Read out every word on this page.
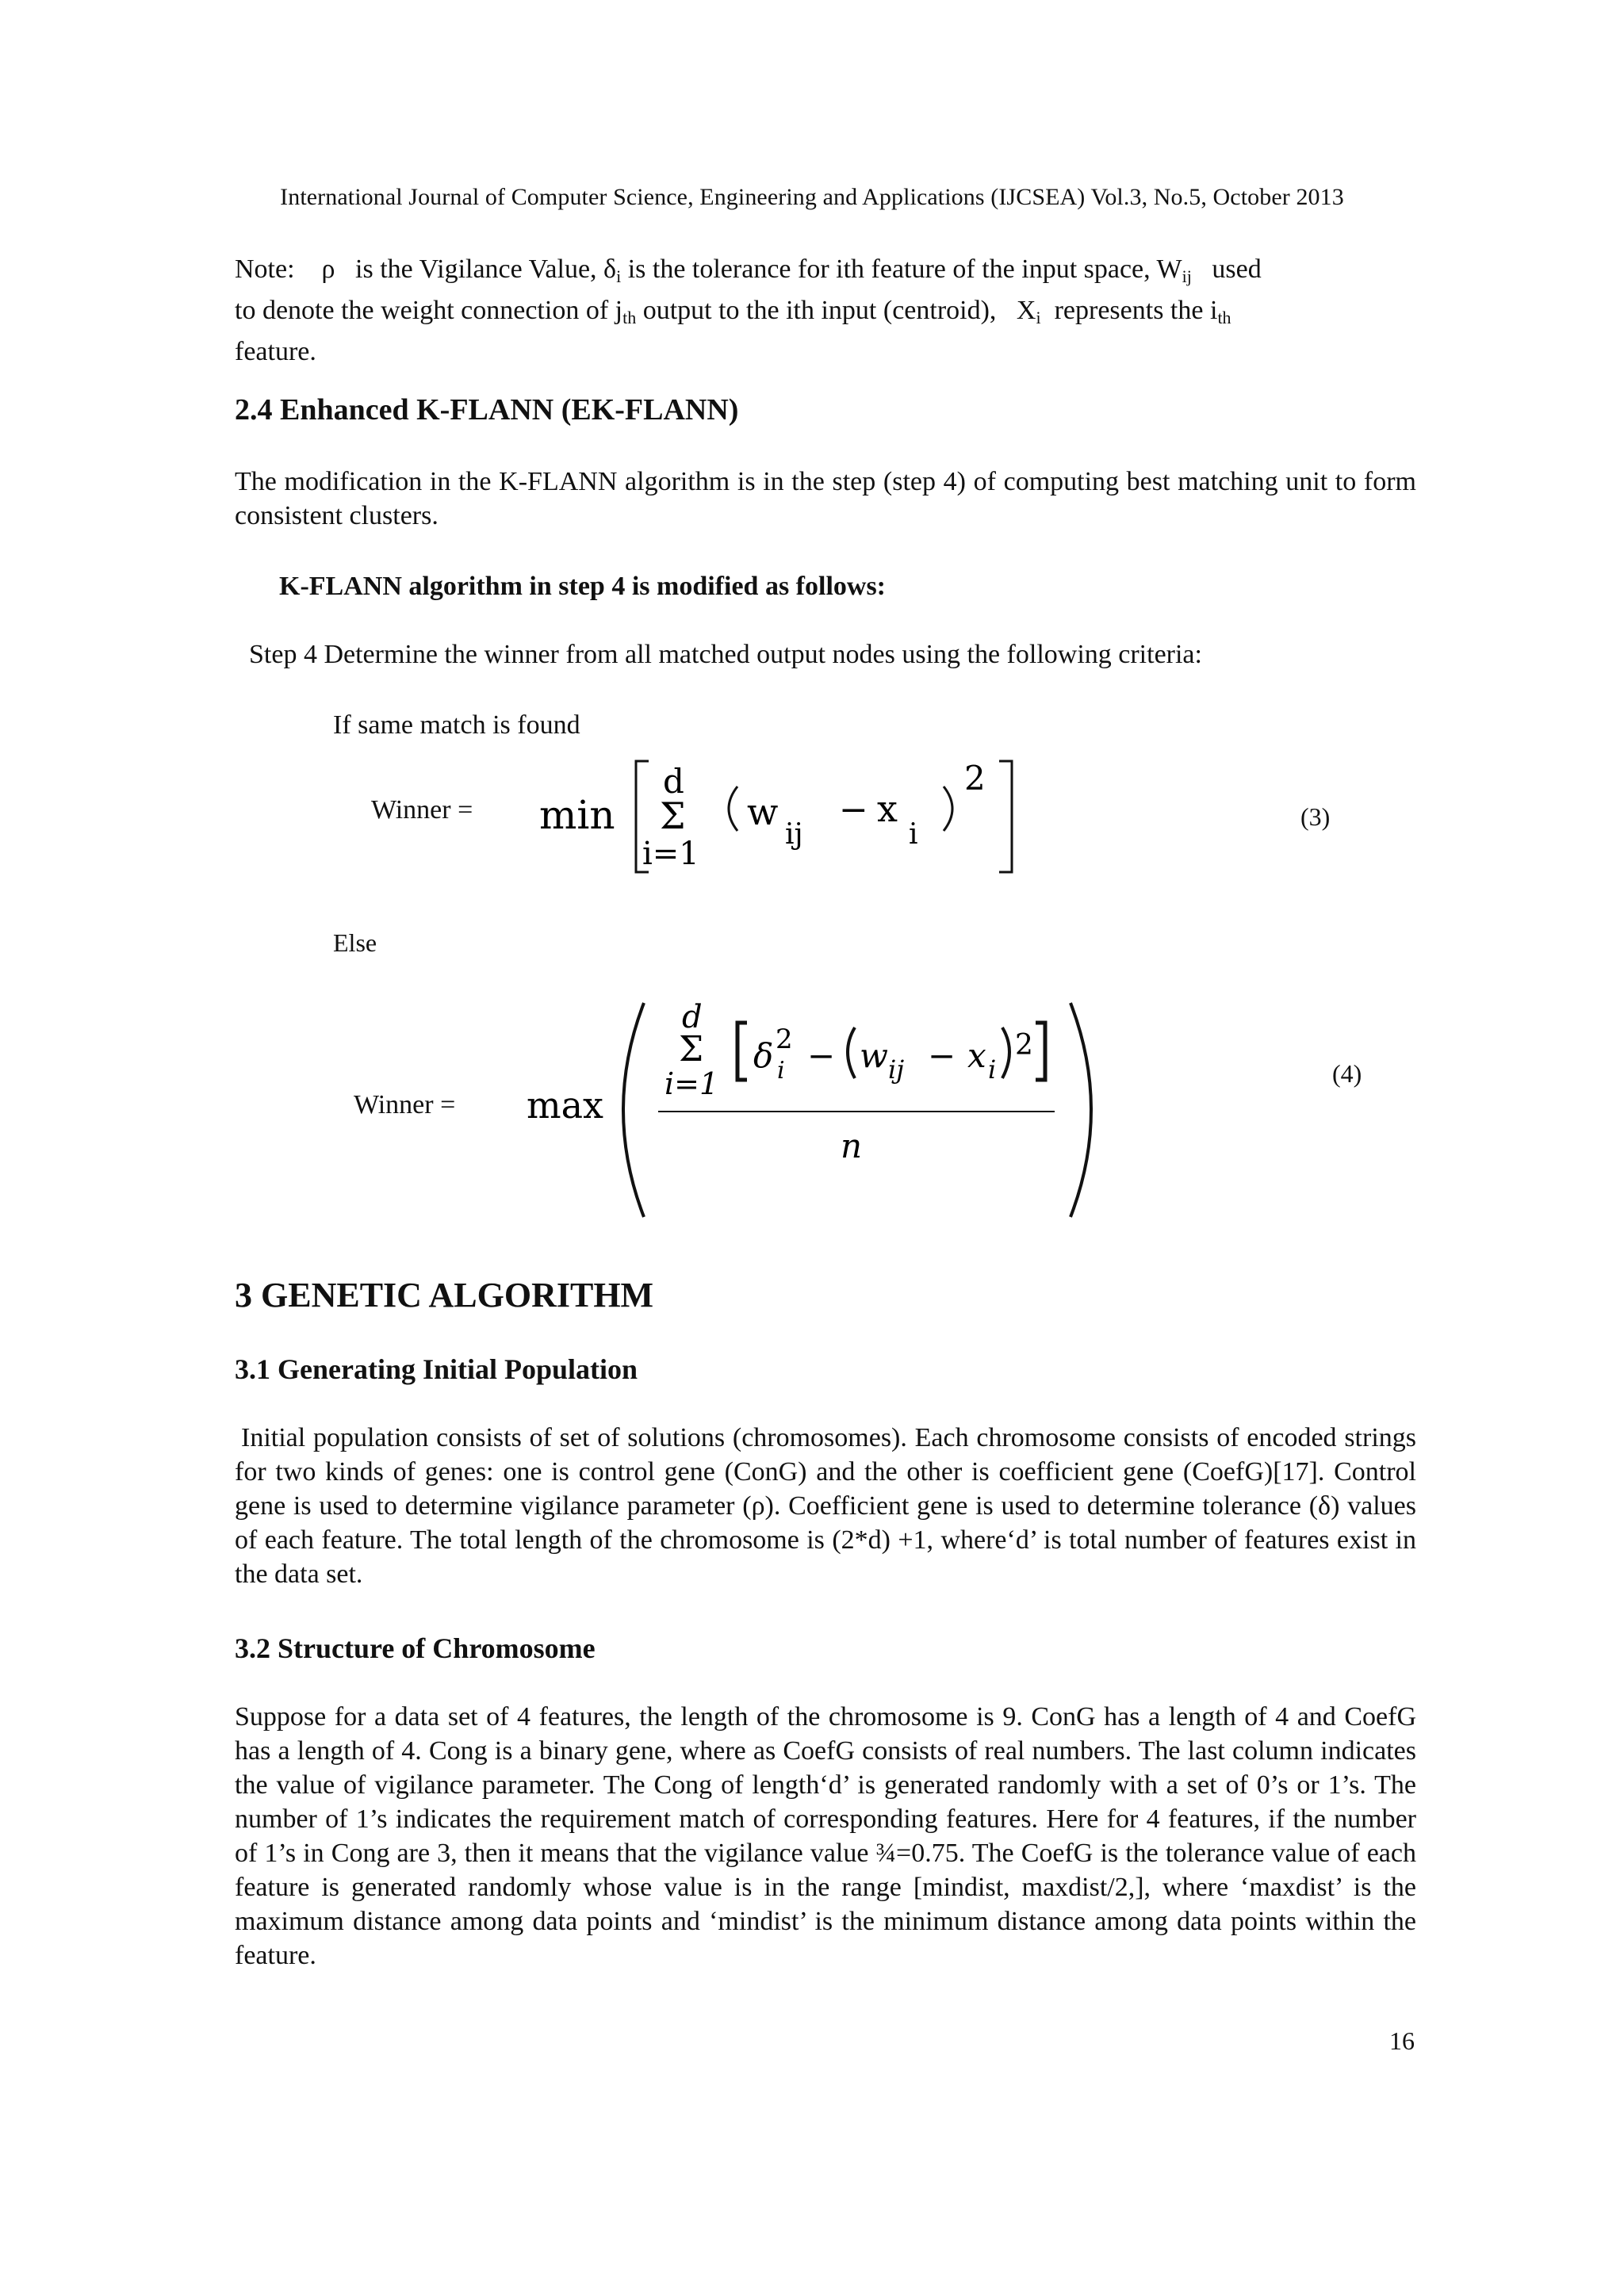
International Journal of Computer Science, Engineering and Applications (IJCSEA) Vol.3, No.5, October 2013
Note: ρ is the Vigilance Value, $\delta_i$ is the tolerance for ith feature of the input space, $W_{ij}$ used
to denote the weight connection of $j_{th}$ output to the ith input (centroid), $X_i$ represents the $i_{th}$
feature.
2.4 Enhanced K-FLANN (EK-FLANN)
The modification in the K-FLANN algorithm is in the step (step 4) of computing best matching unit to form consistent clusters.
K-FLANN algorithm in step 4 is modified as follows:
Step 4 Determine the winner from all matched output nodes using the following criteria:
If same match is found
Winner =	min
d
Σ
i=1
w
ij
− x
i
2
(3)
Else
Winner =	max
d
Σ
i=1
δ 2
i − w ij − x i
2
n
(4)
3 GENETIC ALGORITHM
3.1 Generating Initial Population
Initial population consists of set of solutions (chromosomes). Each chromosome consists of encoded strings for two kinds of genes: one is control gene (ConG) and the other is coefficient gene (CoefG)[17]. Control gene is used to determine vigilance parameter (ρ). Coefficient gene is used to determine tolerance (δ) values of each feature. The total length of the chromosome is (2*d) +1, where‘d’ is total number of features exist in the data set.
3.2 Structure of Chromosome
Suppose for a data set of 4 features, the length of the chromosome is 9. ConG has a length of 4 and CoefG has a length of 4. Cong is a binary gene, where as CoefG consists of real numbers. The last column indicates the value of vigilance parameter. The Cong of length‘d’ is generated randomly with a set of 0’s or 1’s. The number of 1’s indicates the requirement match of corresponding features. Here for 4 features, if the number of 1’s in Cong are 3, then it means that the vigilance value ¾=0.75. The CoefG is the tolerance value of each feature is generated randomly whose value is in the range [mindist, maxdist/2,], where ‘maxdist’ is the maximum distance among data points and ‘mindist’ is the minimum distance among data points within the feature.
16
